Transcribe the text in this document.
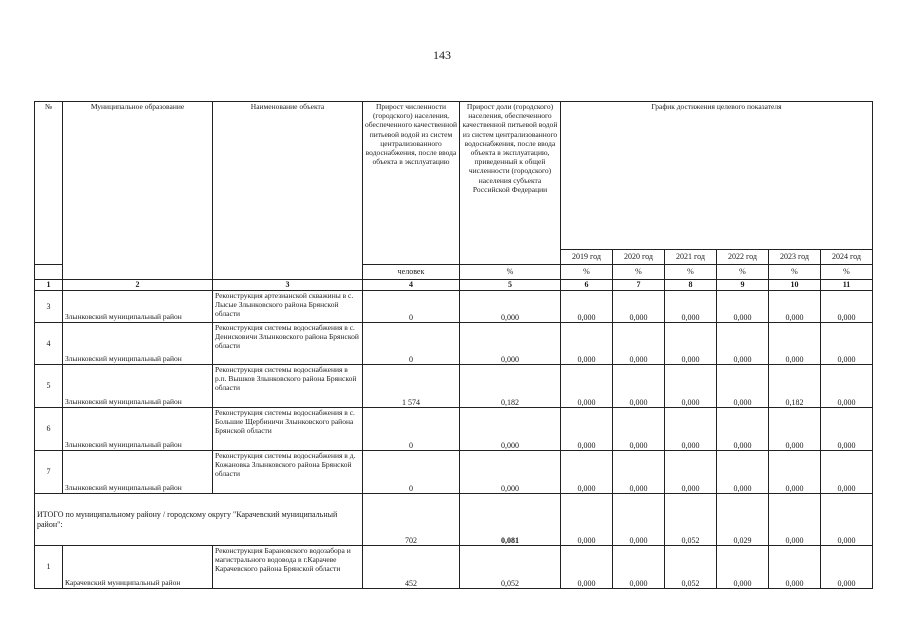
143
№	Муниципальное образование	Наименование объекта	Прирост численности (городского) населения, обеспеченного качественной питьевой водой из систем централизованного водоснабжения, после ввода объекта в эксплуатацию	Прирост доли (городского) населения, обеспеченного качественной питьевой водой из систем централизованного водоснабжения, после ввода объекта в эксплуатацию, приведенный к общей численности (городского) населения субъекта Российской Федерации	График достижения целевого показателя					
					2019 год	2020 год	2021 год	2022 год	2023 год	2024 год
			человек	%	%	%	%	%	%	%
1	2	3	4	5	6	7	8	9	10	11
3	Злынковский муниципальный район	Реконструкция артезианской скважины в с. Лысые Злынковского района Брянской области	0	0,000	0,000	0,000	0,000	0,000	0,000	0,000
4	Злынковский муниципальный район	Реконструкция системы водоснабжения в с. Денисковичи Злынковского района Брянской области	0	0,000	0,000	0,000	0,000	0,000	0,000	0,000
5	Злынковский муниципальный район	Реконструкция системы водоснабжения в р.п. Вышков Злынковского района Брянской области	1 574	0,182	0,000	0,000	0,000	0,000	0,182	0,000
6	Злынковский муниципальный район	Реконструкция системы водоснабжения в с. Большие Щербиничи Злынковского района Брянской области	0	0,000	0,000	0,000	0,000	0,000	0,000	0,000
7	Злынковский муниципальный район	Реконструкция системы водоснабжения в д. Кожановка Злынковского района Брянской области	0	0,000	0,000	0,000	0,000	0,000	0,000	0,000
ИТОГО по муниципальному району / городскому округу "Карачевский муниципальный район":			702	0,081	0,000	0,000	0,052	0,029	0,000	0,000
1	Карачевский муниципальный район	Реконструкция Барановского водозабора и магистрального водовода в г.Карачеве Карачевского района Брянской области	452	0,052	0,000	0,000	0,052	0,000	0,000	0,000
